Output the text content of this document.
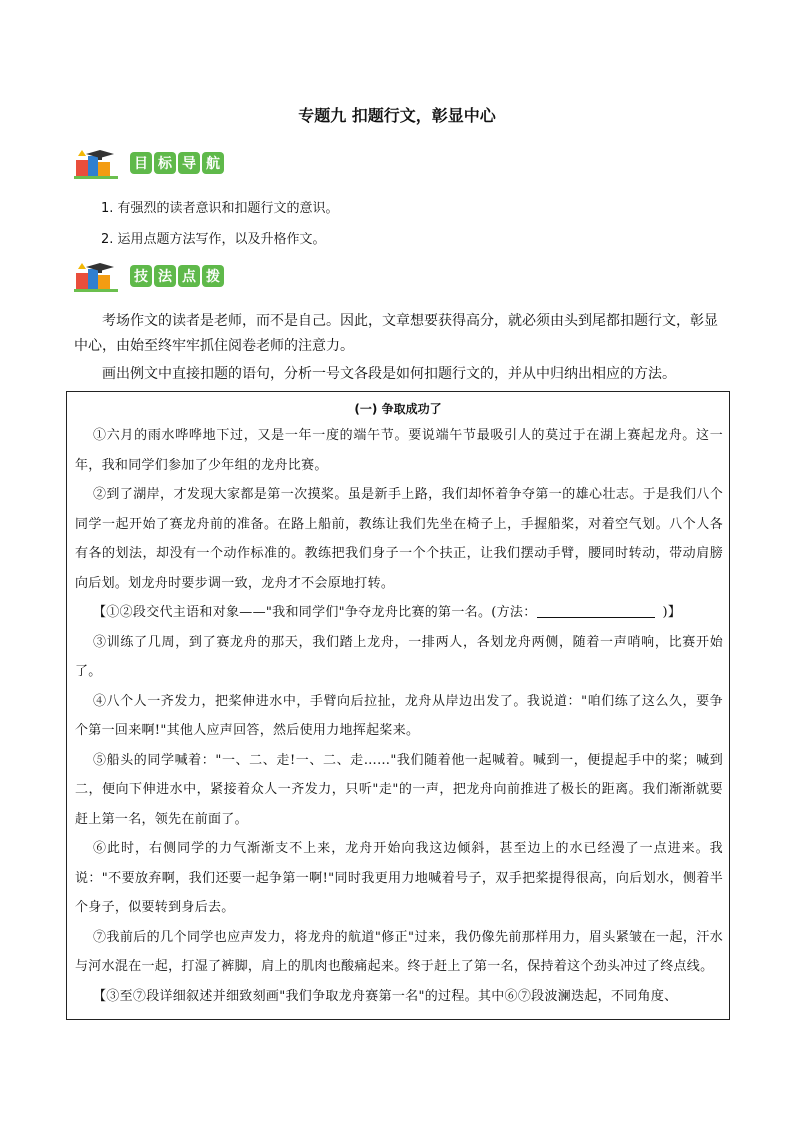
专题九 扣题行文，彰显中心
目 标 导 航
1. 有强烈的读者意识和扣题行文的意识。
2. 运用点题方法写作，以及升格作文。
技 法 点 拨
考场作文的读者是老师，而不是自己。因此，文章想要获得高分，就必须由头到尾都扣题行文，彰显中心，由始至终牢牢抓住阅卷老师的注意力。
画出例文中直接扣题的语句，分析一号文各段是如何扣题行文的，并从中归纳出相应的方法。
(一) 争取成功了

①六月的雨水哗哗地下过，又是一年一度的端午节。要说端午节最吸引人的莫过于在湖上赛起龙舟。这一年，我和同学们参加了少年组的龙舟比赛。

②到了湖岸，才发现大家都是第一次摸桨。虽是新手上路，我们却怀着争夺第一的雄心壮志。于是我们八个同学一起开始了赛龙舟前的准备。在路上船前，教练让我们先坐在椅子上，手握船桨，对着空气划。八个人各有各的划法，却没有一个动作标准的。教练把我们身子一个个扶正，让我们摆动手臂，腰同时转动，带动肩膀向后划。划龙舟时要步调一致，龙舟才不会原地打转。

【①②段交代主语和对象——"我和同学们"争夺龙舟比赛的第一名。(方法：	)】

③训练了几周，到了赛龙舟的那天，我们踏上龙舟，一排两人，各划龙舟两侧，随着一声哨响，比赛开始了。

④八个人一齐发力，把桨伸进水中，手臂向后拉扯，龙舟从岸边出发了。我说道："咱们练了这么久，要争个第一回来啊!"其他人应声回答，然后使用力地挥起桨来。

⑤船头的同学喊着："一、二、走!一、二、走……"我们随着他一起喊着。喊到一，便提起手中的桨；喊到二，便向下伸进水中，紧接着众人一齐发力，只听"走"的一声，把龙舟向前推进了极长的距离。我们渐渐就要赶上第一名，领先在前面了。

⑥此时，右侧同学的力气渐渐支不上来，龙舟开始向我这边倾斜，甚至边上的水已经漫了一点进来。我说："不要放弃啊，我们还要一起争第一啊!"同时我更用力地喊着号子，双手把桨提得很高，向后划水，侧着半个身子，似要转到身后去。

⑦我前后的几个同学也应声发力，将龙舟的航道"修正"过来，我仍像先前那样用力，眉头紧皱在一起，汗水与河水混在一起，打湿了裤脚，肩上的肌肉也酸痛起来。终于赶上了第一名，保持着这个劲头冲过了终点线。

【③至⑦段详细叙述并细致刻画"我们争取龙舟赛第一名"的过程。其中⑥⑦段波澜迭起，不同角度、
